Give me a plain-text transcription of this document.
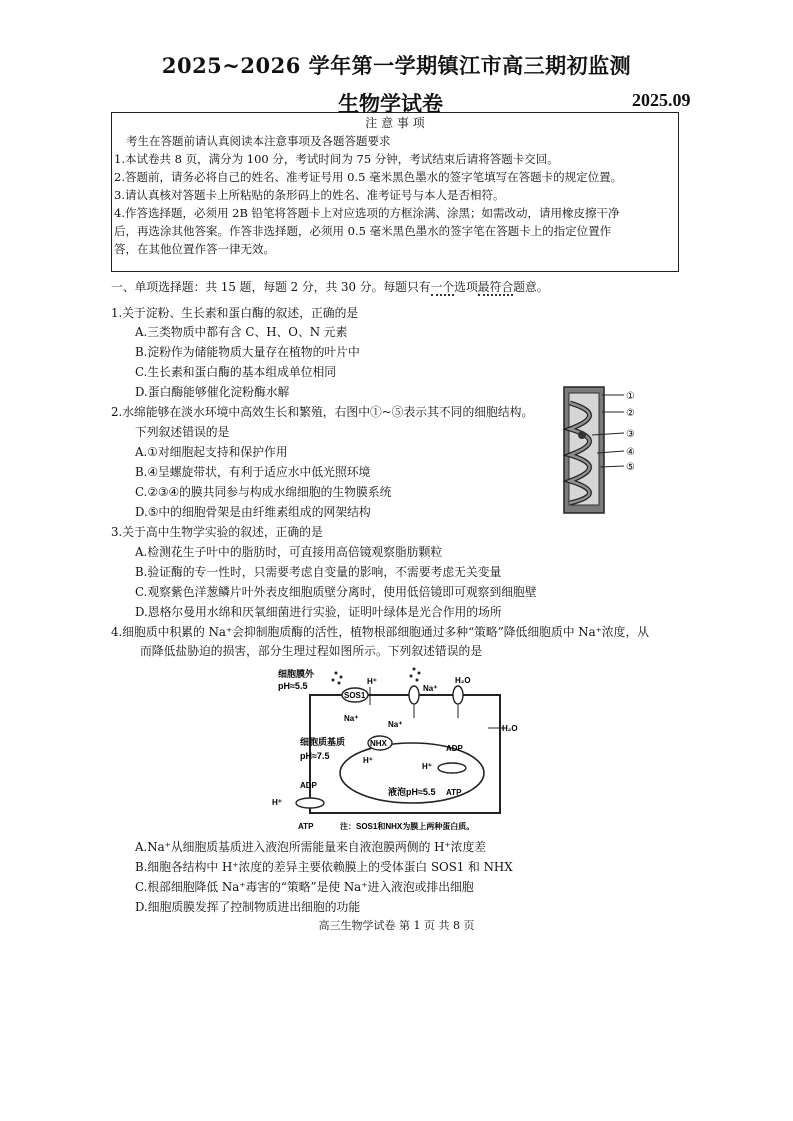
2025~2026 学年第一学期镇江市高三期初监测
生物学试卷	2025.09
注 意 事 项
考生在答题前请认真阅读本注意事项及各题答题要求
1.本试卷共 8 页，满分为 100 分，考试时间为 75 分钟，考试结束后请将答题卡交回。
2.答题前，请务必将自己的姓名、准考证号用 0.5 毫米黑色墨水的签字笔填写在答题卡的规定位置。
3.请认真核对答题卡上所粘贴的条形码上的姓名、准考证号与本人是否相符。
4.作答选择题，必须用 2B 铅笔将答题卡上对应选项的方框涂满、涂黑；如需改动，请用橡皮擦干净
后，再选涂其他答案。作答非选择题，必须用 0.5 毫米黑色墨水的签字笔在答题卡上的指定位置作
答，在其他位置作答一律无效。
一、单项选择题：共 15 题，每题 2 分，共 30 分。每题只有一个选项最符合题意。
1.关于淀粉、生长素和蛋白酶的叙述，正确的是
A.三类物质中都有含 C、H、O、N 元素
B.淀粉作为储能物质大量存在植物的叶片中
C.生长素和蛋白酶的基本组成单位相同
D.蛋白酶能够催化淀粉酶水解
2.水绵能够在淡水环境中高效生长和繁殖，右图中①~⑤表示其不同的细胞结构。
下列叙述错误的是
A.①对细胞起支持和保护作用
B.④呈螺旋带状，有利于适应水中低光照环境
C.②③④的膜共同参与构成水绵细胞的生物膜系统
D.⑤中的细胞骨架是由纤维素组成的网架结构
①
②
③
④
⑤
3.关于高中生物学实验的叙述，正确的是
A.检测花生子叶中的脂肪时，可直接用高倍镜观察脂肪颗粒
B.验证酶的专一性时，只需要考虑自变量的影响，不需要考虑无关变量
C.观察紫色洋葱鳞片叶外表皮细胞质壁分离时，使用低倍镜即可观察到细胞壁
D.恩格尔曼用水绵和厌氧细菌进行实验，证明叶绿体是光合作用的场所
4.细胞质中积累的 Na⁺会抑制胞质酶的活性，植物根部细胞通过多种“策略”降低细胞质中 Na⁺浓度，从
而降低盐胁迫的损害，部分生理过程如图所示。下列叙述错误的是
细胞膜外
pH≈5.5
SOS1
H⁺
Na⁺
Na⁺
H₂O
H₂O
NHX
Na⁺
H⁺
细胞质基质
pH≈7.5
液泡pH≈5.5
ADP
ATP
H⁺
ADP
H⁺
ATP	注：SOS1和NHX为膜上两种蛋白质。
A.Na⁺从细胞质基质进入液泡所需能量来自液泡膜两侧的 H⁺浓度差
B.细胞各结构中 H⁺浓度的差异主要依赖膜上的受体蛋白 SOS1 和 NHX
C.根部细胞降低 Na⁺毒害的“策略”是使 Na⁺进入液泡或排出细胞
D.细胞质膜发挥了控制物质进出细胞的功能
高三生物学试卷 第 1 页 共 8 页
